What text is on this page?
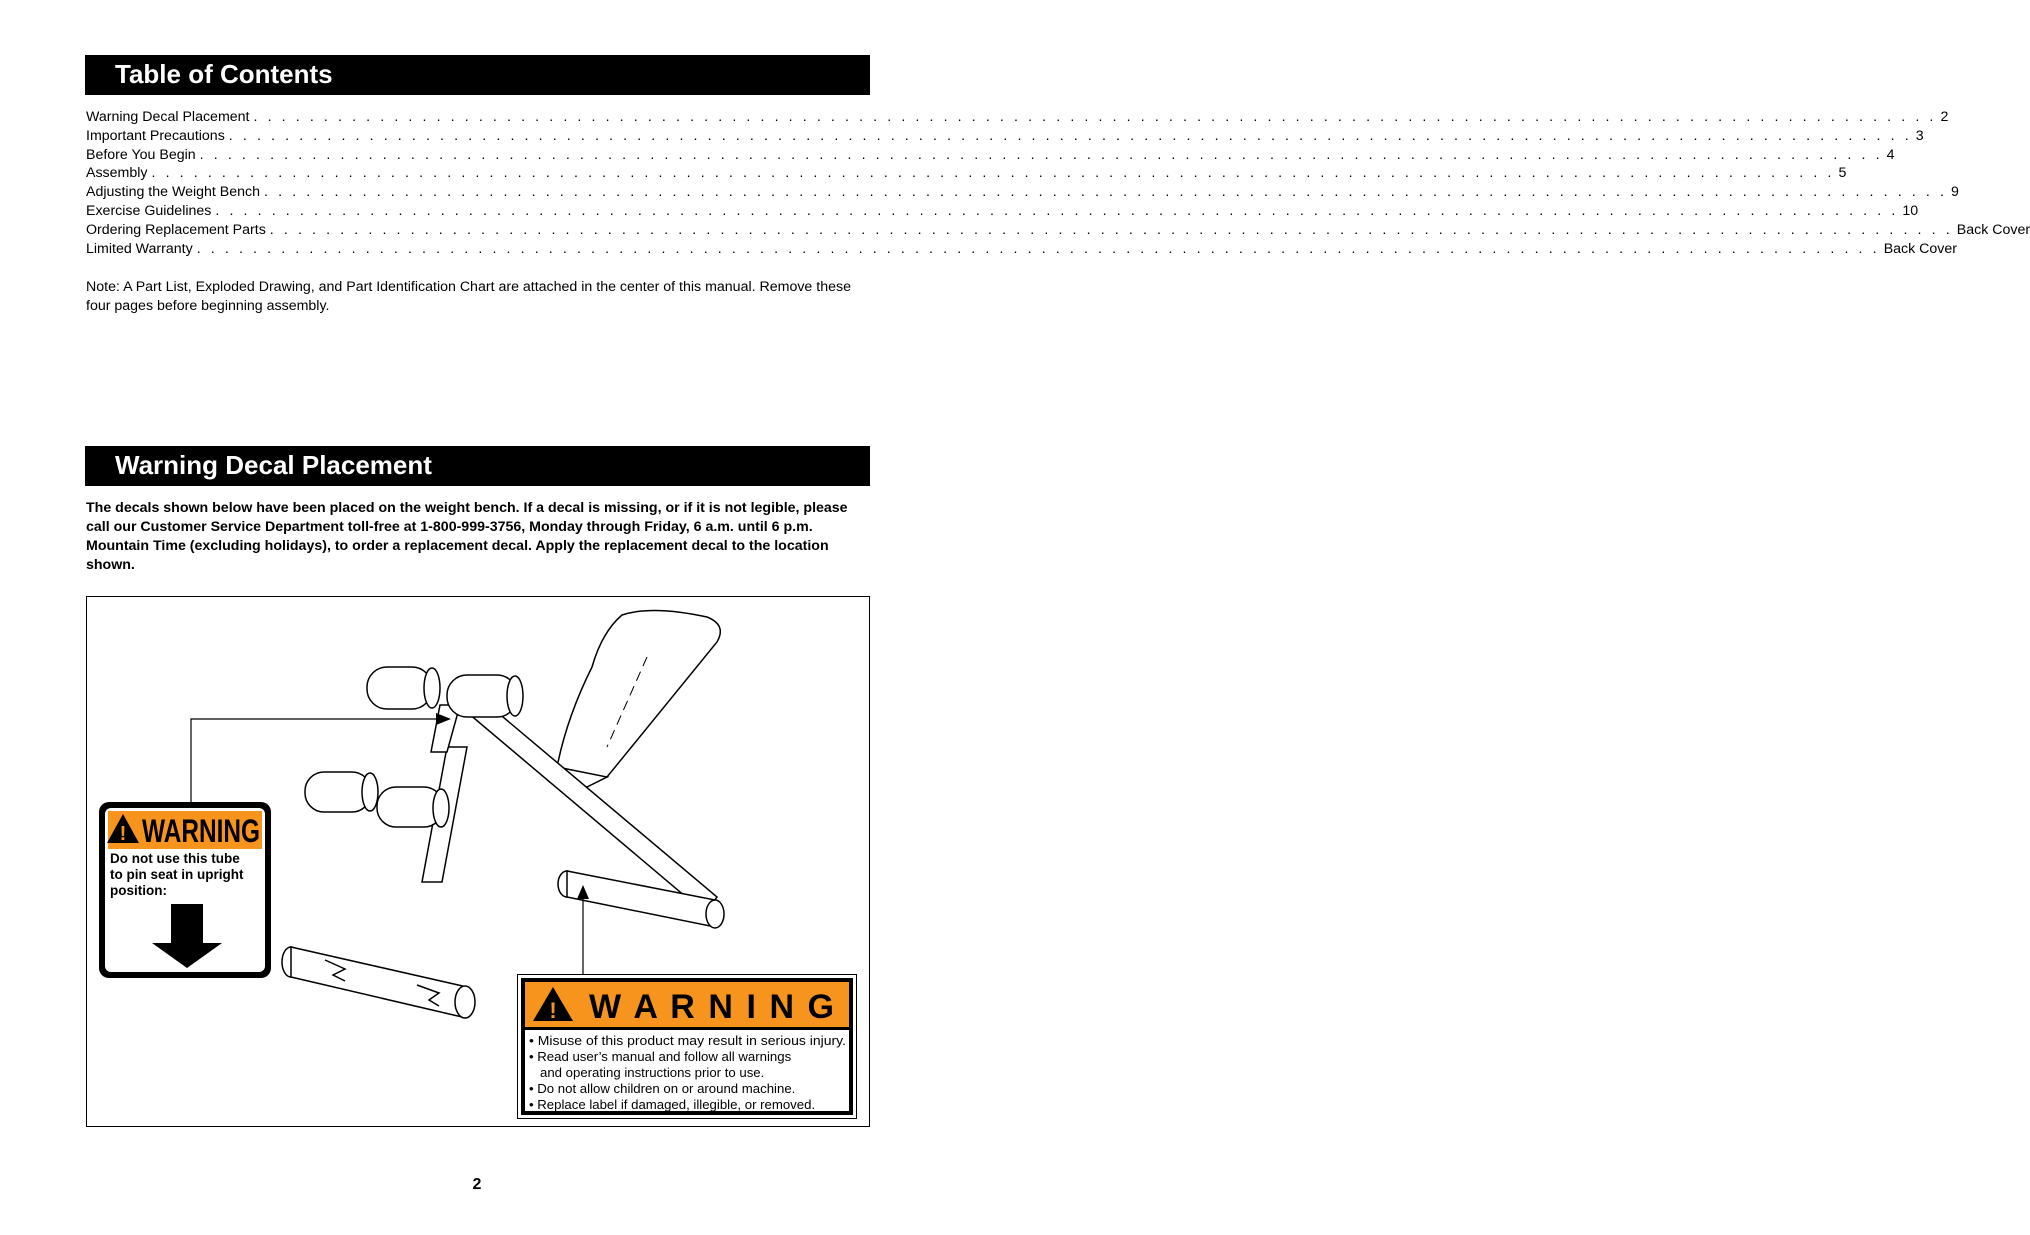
Table of Contents
Warning Decal Placement . . . . . . . . . . . . . . . . . . . . . . . . . . . . . . . . . . . . . . . . . . . . . . . . . . . . . . . . . . . . . . . . . . . . . . . . . . . . . . . . . . . . . . . . . . . . . . . . . . . . . . . . . . . . . . . . . . . . . . . . 2
Important Precautions . . . . . . . . . . . . . . . . . . . . . . . . . . . . . . . . . . . . . . . . . . . . . . . . . . . . . . . . . . . . . . . . . . . . . . . . . . . . . . . . . . . . . . . . . . . . . . . . . . . . . . . . . . . . . . . . . . . . . . . . 3
Before You Begin . . . . . . . . . . . . . . . . . . . . . . . . . . . . . . . . . . . . . . . . . . . . . . . . . . . . . . . . . . . . . . . . . . . . . . . . . . . . . . . . . . . . . . . . . . . . . . . . . . . . . . . . . . . . . . . . . . . . . . . . 4
Assembly . . . . . . . . . . . . . . . . . . . . . . . . . . . . . . . . . . . . . . . . . . . . . . . . . . . . . . . . . . . . . . . . . . . . . . . . . . . . . . . . . . . . . . . . . . . . . . . . . . . . . . . . . . . . . . . . . . . . . . . . 5
Adjusting the Weight Bench . . . . . . . . . . . . . . . . . . . . . . . . . . . . . . . . . . . . . . . . . . . . . . . . . . . . . . . . . . . . . . . . . . . . . . . . . . . . . . . . . . . . . . . . . . . . . . . . . . . . . . . . . . . . . . . . . . . . . . . . 9
Exercise Guidelines . . . . . . . . . . . . . . . . . . . . . . . . . . . . . . . . . . . . . . . . . . . . . . . . . . . . . . . . . . . . . . . . . . . . . . . . . . . . . . . . . . . . . . . . . . . . . . . . . . . . . . . . . . . . . . . . . . . . . . . . 10
Ordering Replacement Parts . . . . . . . . . . . . . . . . . . . . . . . . . . . . . . . . . . . . . . . . . . . . . . . . . . . . . . . . . . . . . . . . . . . . . . . . . . . . . . . . . . . . . . . . . . . . . . . . . . . . . . . . . . . . . . . . . . . . . . . . Back Cover
Limited Warranty . . . . . . . . . . . . . . . . . . . . . . . . . . . . . . . . . . . . . . . . . . . . . . . . . . . . . . . . . . . . . . . . . . . . . . . . . . . . . . . . . . . . . . . . . . . . . . . . . . . . . . . . . . . . . . . . . . . . . . . . Back Cover
Note: A Part List, Exploded Drawing, and Part Identification Chart are attached in the center of this manual. Remove these four pages before beginning assembly.
Warning Decal Placement
The decals shown below have been placed on the weight bench. If a decal is missing, or if it is not legible, please call our Customer Service Department toll-free at 1-800-999-3756, Monday through Friday, 6 a.m. until 6 p.m. Mountain Time (excluding holidays), to order a replacement decal. Apply the replacement decal to the location shown.
! WARNING
Do not use this tube
to pin seat in upright
position:
! W A R N I N G
• Misuse of this product may result in serious injury.
• Read user’s manual and follow all warnings
and operating instructions prior to use.
• Do not allow children on or around machine.
• Replace label if damaged, illegible, or removed.
2
